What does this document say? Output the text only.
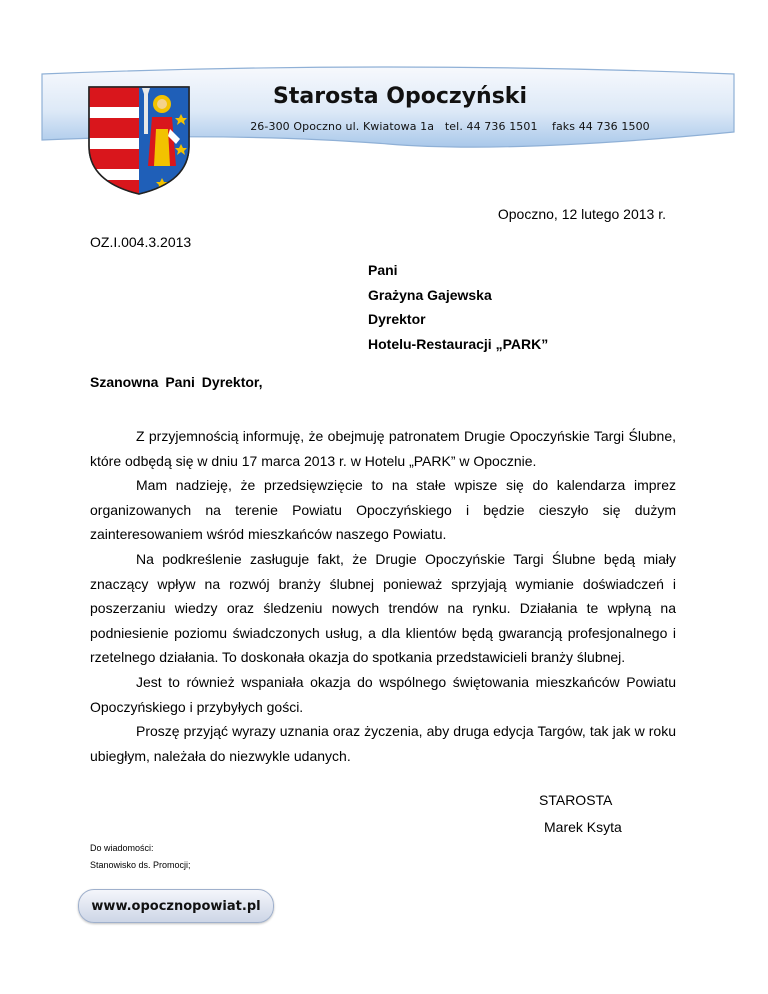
Starosta Opoczyński
26-300 Opoczno ul. Kwiatowa 1a   tel. 44 736 1501    faks 44 736 1500
Opoczno, 12 lutego 2013 r.
OZ.I.004.3.2013
Pani
Grażyna Gajewska
Dyrektor
Hotelu-Restauracji „PARK”
Szanowna Pani Dyrektor,

Z przyjemnością informuję, że obejmuję patronatem Drugie Opoczyńskie Targi Ślubne, które odbędą się w dniu 17 marca 2013 r. w Hotelu „PARK” w Opocznie.

Mam nadzieję, że przedsięwzięcie to na stałe wpisze się do kalendarza imprez organizowanych na terenie Powiatu Opoczyńskiego i będzie cieszyło się dużym zainteresowaniem wśród mieszkańców naszego Powiatu.

Na podkreślenie zasługuje fakt, że Drugie Opoczyńskie Targi Ślubne będą miały znaczący wpływ na rozwój branży ślubnej ponieważ sprzyjają wymianie doświadczeń i poszerzaniu wiedzy oraz śledzeniu nowych trendów na rynku. Działania te wpłyną na podniesienie poziomu świadczonych usług, a dla klientów będą gwarancją profesjonalnego i rzetelnego działania. To doskonała okazja do spotkania przedstawicieli branży ślubnej.

Jest to również wspaniała okazja do wspólnego świętowania mieszkańców Powiatu Opoczyńskiego i przybyłych gości.

Proszę przyjąć wyrazy uznania oraz życzenia, aby druga edycja Targów, tak jak w roku ubiegłym, należała do niezwykle udanych.

STAROSTA
Marek Ksyta
Do wiadomości:
Stanowisko ds. Promocji;
www.opocznopowiat.pl
